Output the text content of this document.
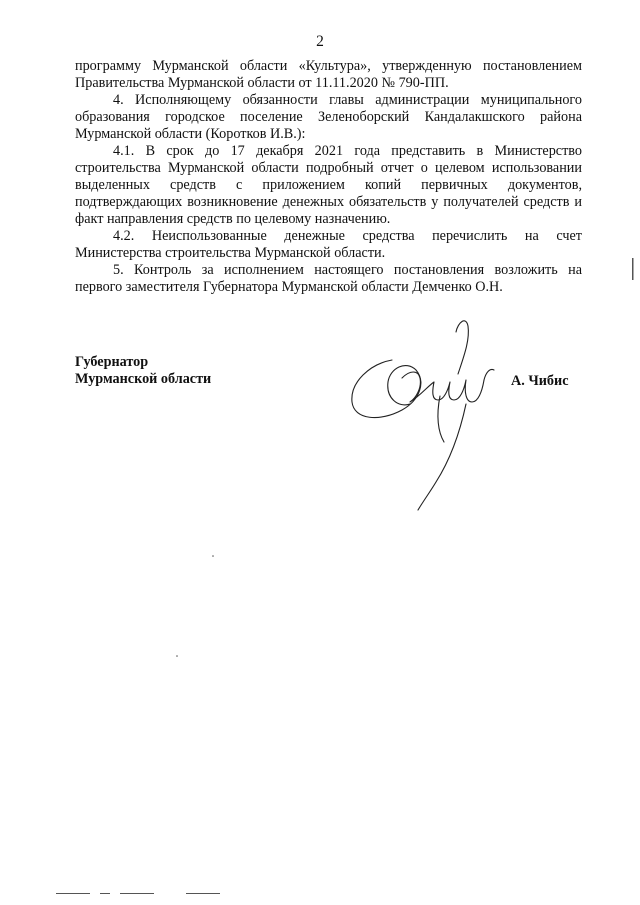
2

программу Мурманской области «Культура», утвержденную постановлением Правительства Мурманской области от 11.11.2020 № 790-ПП.

4. Исполняющему обязанности главы администрации муниципального образования городское поселение Зеленоборский Кандалакшского района Мурманской области (Коротков И.В.):

4.1. В срок до 17 декабря 2021 года представить в Министерство строительства Мурманской области подробный отчет о целевом использовании выделенных средств с приложением копий первичных документов, подтверждающих возникновение денежных обязательств у получателей средств и факт направления средств по целевому назначению.

4.2. Неиспользованные денежные средства перечислить на счет Министерства строительства Мурманской области.

5. Контроль за исполнением настоящего постановления возложить на первого заместителя Губернатора Мурманской области Демченко О.Н.

Губернатор
Мурманской области	А. Чибис
